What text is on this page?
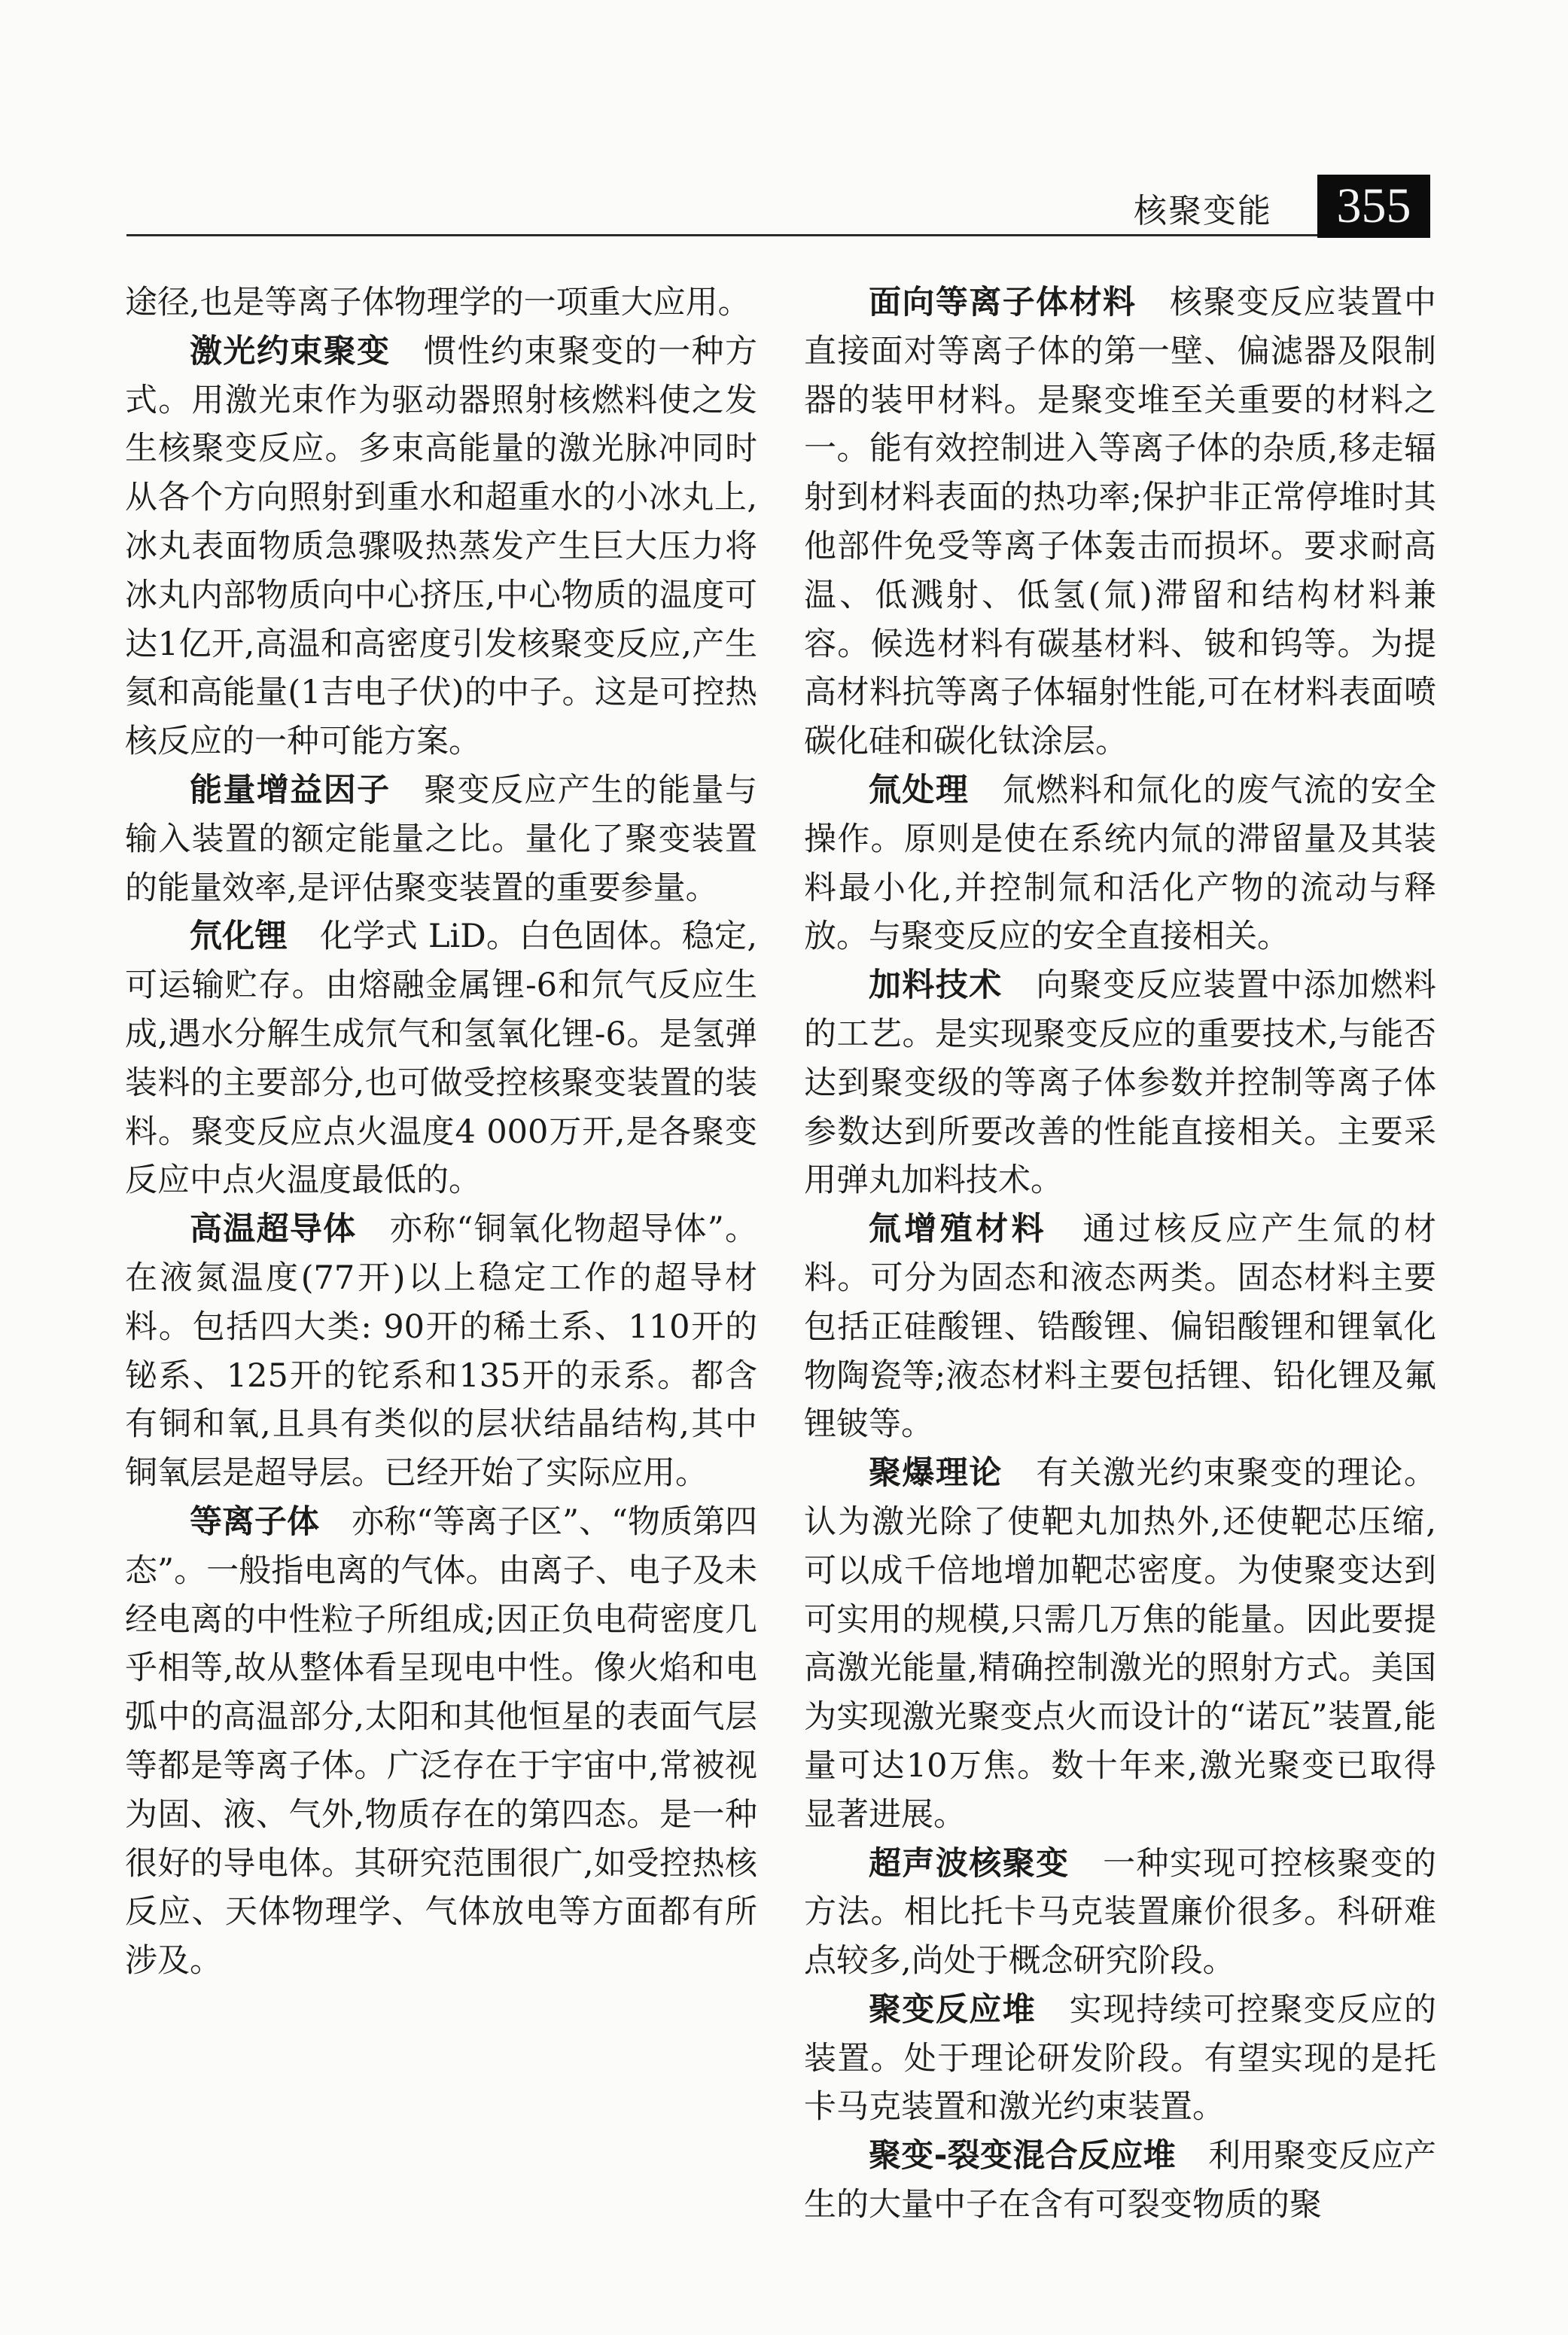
核聚变能	355

途径,也是等离子体物理学的一项重大应用。

激光约束聚变 惯性约束聚变的一种方式。用激光束作为驱动器照射核燃料使之发生核聚变反应。多束高能量的激光脉冲同时从各个方向照射到重水和超重水的小冰丸上,冰丸表面物质急骤吸热蒸发产生巨大压力将冰丸内部物质向中心挤压,中心物质的温度可达1亿开,高温和高密度引发核聚变反应,产生氦和高能量(1吉电子伏)的中子。这是可控热核反应的一种可能方案。

能量增益因子 聚变反应产生的能量与输入装置的额定能量之比。量化了聚变装置的能量效率,是评估聚变装置的重要参量。

氘化锂 化学式 LiD。白色固体。稳定,可运输贮存。由熔融金属锂-6和氘气反应生成,遇水分解生成氘气和氢氧化锂-6。是氢弹装料的主要部分,也可做受控核聚变装置的装料。聚变反应点火温度4 000万开,是各聚变反应中点火温度最低的。

高温超导体 亦称“铜氧化物超导体”。在液氮温度(77开)以上稳定工作的超导材料。包括四大类: 90开的稀土系、110开的铋系、125开的铊系和135开的汞系。都含有铜和氧,且具有类似的层状结晶结构,其中铜氧层是超导层。已经开始了实际应用。

等离子体 亦称“等离子区”、“物质第四态”。一般指电离的气体。由离子、电子及未经电离的中性粒子所组成;因正负电荷密度几乎相等,故从整体看呈现电中性。像火焰和电弧中的高温部分,太阳和其他恒星的表面气层等都是等离子体。广泛存在于宇宙中,常被视为固、液、气外,物质存在的第四态。是一种很好的导电体。其研究范围很广,如受控热核反应、天体物理学、气体放电等方面都有所涉及。

面向等离子体材料 核聚变反应装置中直接面对等离子体的第一壁、偏滤器及限制器的装甲材料。是聚变堆至关重要的材料之一。能有效控制进入等离子体的杂质,移走辐射到材料表面的热功率;保护非正常停堆时其他部件免受等离子体轰击而损坏。要求耐高温、低溅射、低氢(氚)滞留和结构材料兼容。候选材料有碳基材料、铍和钨等。为提高材料抗等离子体辐射性能,可在材料表面喷碳化硅和碳化钛涂层。

氚处理 氚燃料和氚化的废气流的安全操作。原则是使在系统内氚的滞留量及其装料最小化,并控制氚和活化产物的流动与释放。与聚变反应的安全直接相关。

加料技术 向聚变反应装置中添加燃料的工艺。是实现聚变反应的重要技术,与能否达到聚变级的等离子体参数并控制等离子体参数达到所要改善的性能直接相关。主要采用弹丸加料技术。

氚增殖材料 通过核反应产生氚的材料。可分为固态和液态两类。固态材料主要包括正硅酸锂、锆酸锂、偏铝酸锂和锂氧化物陶瓷等;液态材料主要包括锂、铅化锂及氟锂铍等。

聚爆理论 有关激光约束聚变的理论。认为激光除了使靶丸加热外,还使靶芯压缩,可以成千倍地增加靶芯密度。为使聚变达到可实用的规模,只需几万焦的能量。因此要提高激光能量,精确控制激光的照射方式。美国为实现激光聚变点火而设计的“诺瓦”装置,能量可达10万焦。数十年来,激光聚变已取得显著进展。

超声波核聚变 一种实现可控核聚变的方法。相比托卡马克装置廉价很多。科研难点较多,尚处于概念研究阶段。

聚变反应堆 实现持续可控聚变反应的装置。处于理论研发阶段。有望实现的是托卡马克装置和激光约束装置。

聚变-裂变混合反应堆 利用聚变反应产生的大量中子在含有可裂变物质的聚
